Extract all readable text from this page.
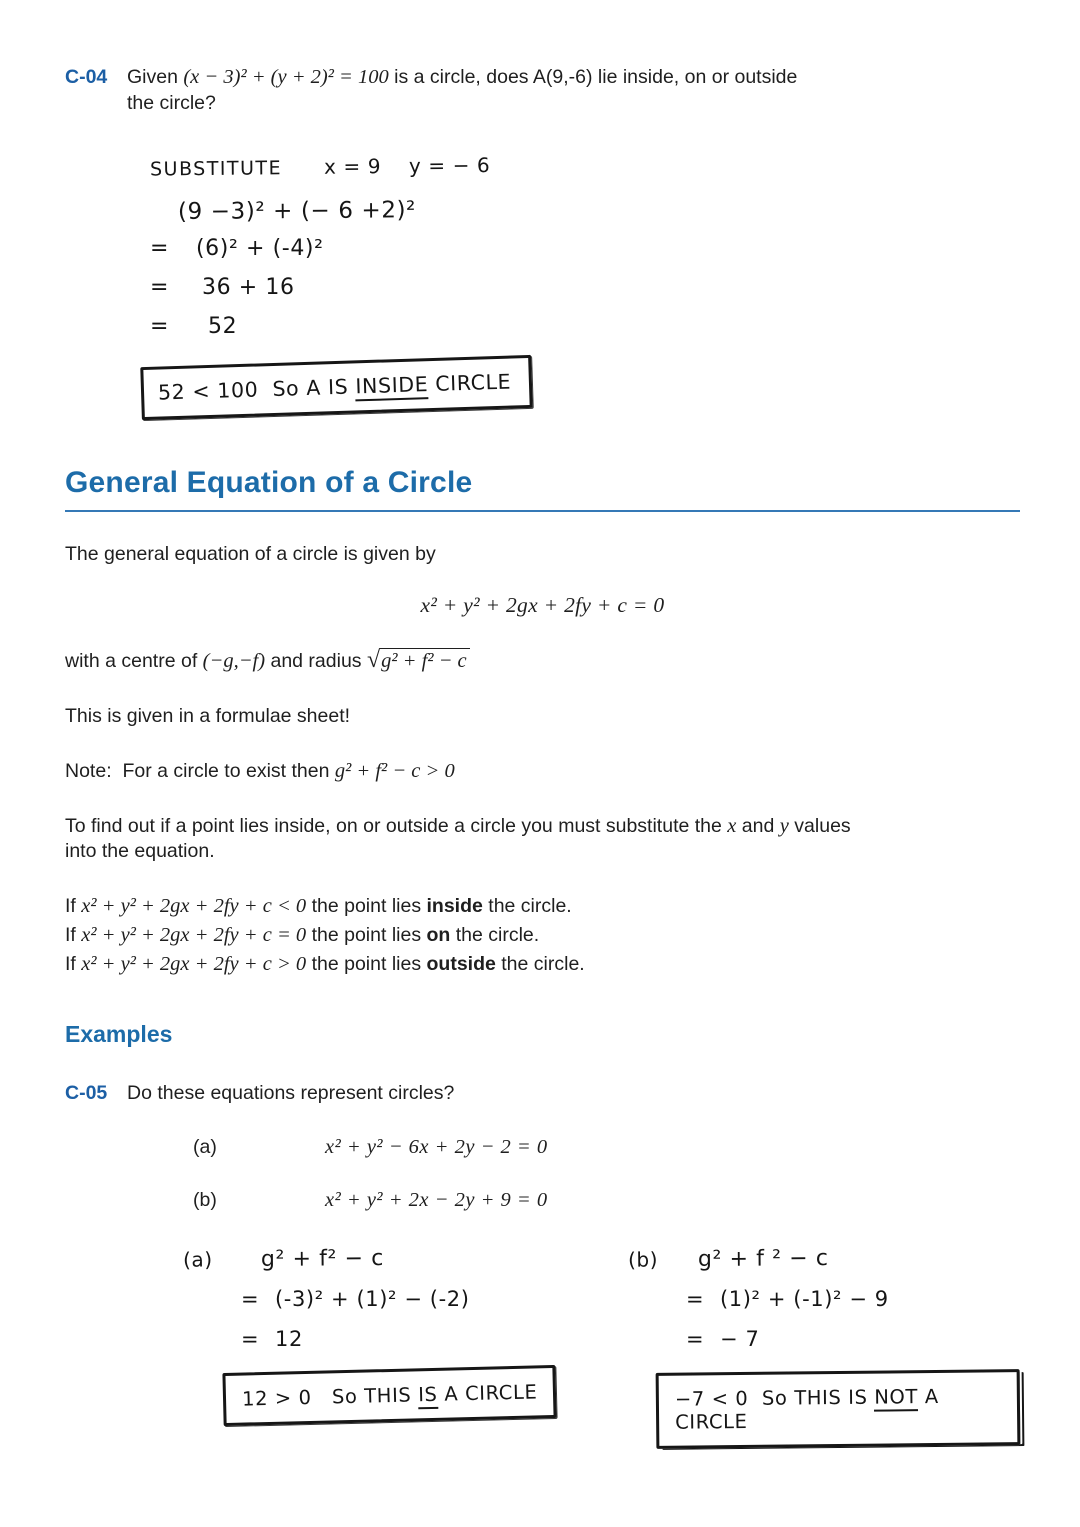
C-04	Given (x − 3)² + (y + 2)² = 100 is a circle, does A(9,-6) lie inside, on or outside
the circle?
SUBSTITUTE x = 9    y = − 6
(9 −3)² + (− 6 +2)²
= (6)² + (-4)²
= 36 + 16
= 52
52 < 100  So A IS INSIDE CIRCLE
General Equation of a Circle
The general equation of a circle is given by
x² + y² + 2gx + 2fy + c = 0
with a centre of (−g,−f) and radius √g² + f² − c
This is given in a formulae sheet!
Note:  For a circle to exist then g² + f² − c > 0
To find out if a point lies inside, on or outside a circle you must substitute the x and y values
into the equation.
If x² + y² + 2gx + 2fy + c < 0 the point lies inside the circle.
If x² + y² + 2gx + 2fy + c = 0 the point lies on the circle.
If x² + y² + 2gx + 2fy + c > 0 the point lies outside the circle.
Examples
C-05	Do these equations represent circles?
(a)	x² + y² − 6x + 2y − 2 = 0
(b)	x² + y² + 2x − 2y + 9 = 0
(a) g² + f² − c
= (-3)² + (1)² − (-2)
= 12
12 > 0   So THIS IS A CIRCLE
(b) g² + f ² − c
= (1)² + (-1)² − 9
= − 7
−7 < 0  So THIS IS NOT A CIRCLE
